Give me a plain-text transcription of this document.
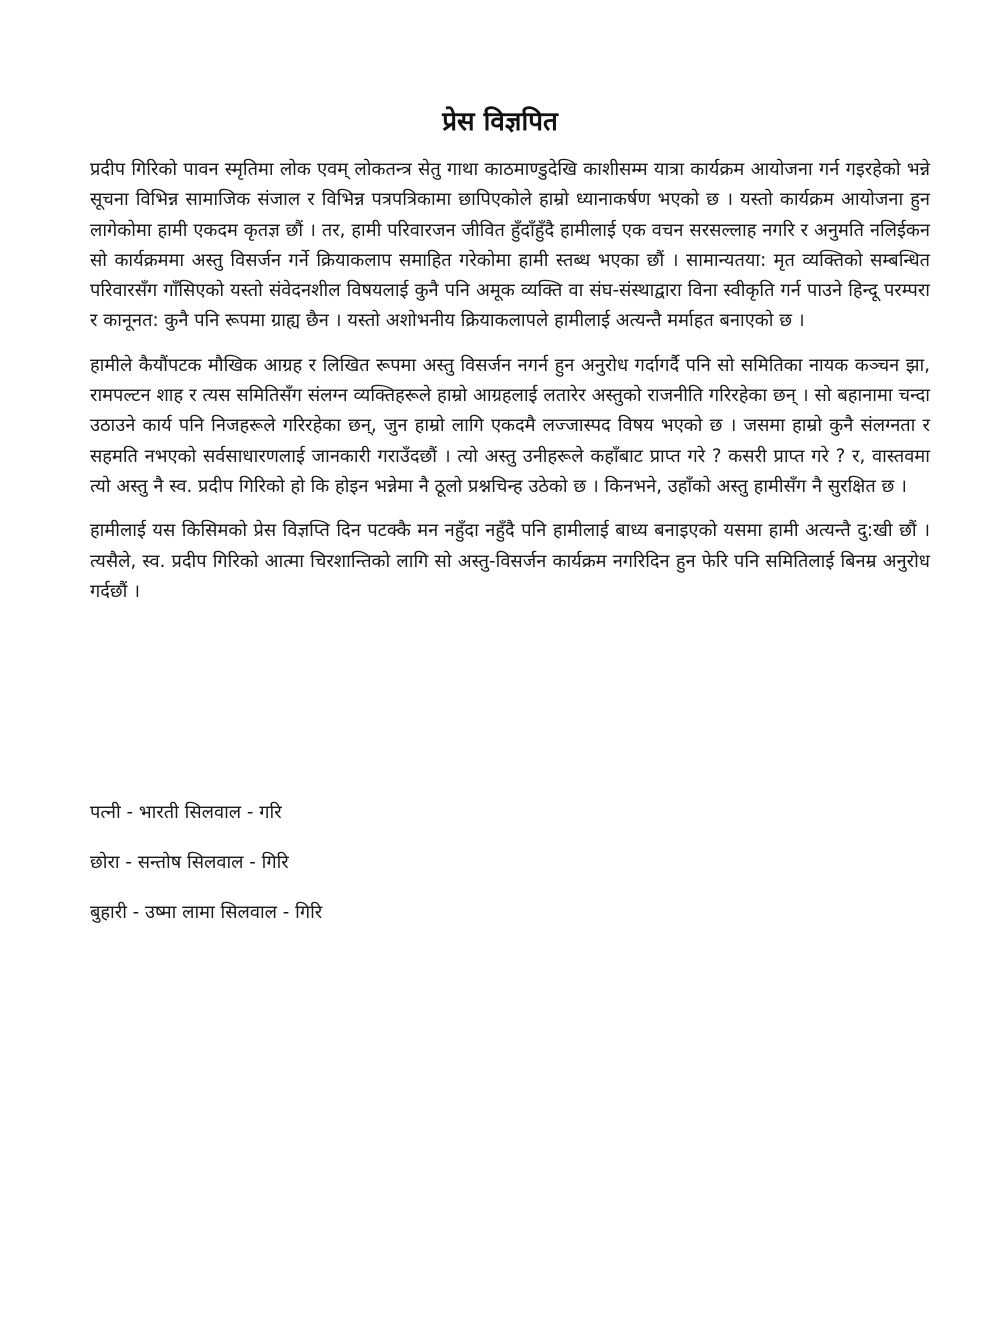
प्रेस विज्ञपित

प्रदीप गिरिको पावन स्मृतिमा लोक एवम् लोकतन्त्र सेतु गाथा काठमाण्डुदेखि काशीसम्म यात्रा कार्यक्रम आयोजना गर्न गइरहेको भन्ने सूचना विभिन्न सामाजिक संजाल र विभिन्न पत्रपत्रिकामा छापिएकोले हाम्रो ध्यानाकर्षण भएको छ । यस्तो कार्यक्रम आयोजना हुन लागेकोमा हामी एकदम कृतज्ञ छौं । तर, हामी परिवारजन जीवित हुँदाँहुँदै हामीलाई एक वचन सरसल्लाह नगरि र अनुमति नलिईकन सो कार्यक्रममा अस्तु विसर्जन गर्ने क्रियाकलाप समाहित गरेकोमा हामी स्तब्ध भएका छौं । सामान्यतया: मृत व्यक्तिको सम्बन्धित परिवारसँग गाँसिएको यस्तो संवेदनशील विषयलाई कुनै पनि अमूक व्यक्ति वा संघ-संस्थाद्वारा विना स्वीकृति गर्न पाउने हिन्दू परम्परा र कानूनत: कुनै पनि रूपमा ग्राह्य छैन । यस्तो अशोभनीय क्रियाकलापले हामीलाई अत्यन्तै मर्माहत बनाएको छ ।

हामीले कैयौंपटक मौखिक आग्रह र लिखित रूपमा अस्तु विसर्जन नगर्न हुन अनुरोध गर्दागर्दै पनि सो समितिका नायक कञ्चन झा, रामपल्टन शाह र त्यस समितिसँग संलग्न व्यक्तिहरूले हाम्रो आग्रहलाई लतारेर अस्तुको राजनीति गरिरहेका छन् । सो बहानामा चन्दा उठाउने कार्य पनि निजहरूले गरिरहेका छन्, जुन हाम्रो लागि एकदमै लज्जास्पद विषय भएको छ । जसमा हाम्रो कुनै संलग्नता र सहमति नभएको सर्वसाधारणलाई जानकारी गराउँदछौं । त्यो अस्तु उनीहरूले कहाँबाट प्राप्त गरे ? कसरी प्राप्त गरे ? र, वास्तवमा त्यो अस्तु नै स्व. प्रदीप गिरिको हो कि होइन भन्नेमा नै ठूलो प्रश्नचिन्ह उठेको छ । किनभने, उहाँको अस्तु हामीसँग नै सुरक्षित छ ।

हामीलाई यस किसिमको प्रेस विज्ञप्ति दिन पटक्कै मन नहुँदा नहुँदै पनि हामीलाई बाध्य बनाइएको यसमा हामी अत्यन्तै दु:खी छौं । त्यसैले, स्व. प्रदीप गिरिको आत्मा चिरशान्तिको लागि सो अस्तु-विसर्जन कार्यक्रम नगरिदिन हुन फेरि पनि समितिलाई बिनम्र अनुरोध गर्दछौं ।

पत्नी - भारती सिलवाल - गरि
छोरा - सन्तोष सिलवाल - गिरि
बुहारी - उष्मा लामा सिलवाल - गिरि
